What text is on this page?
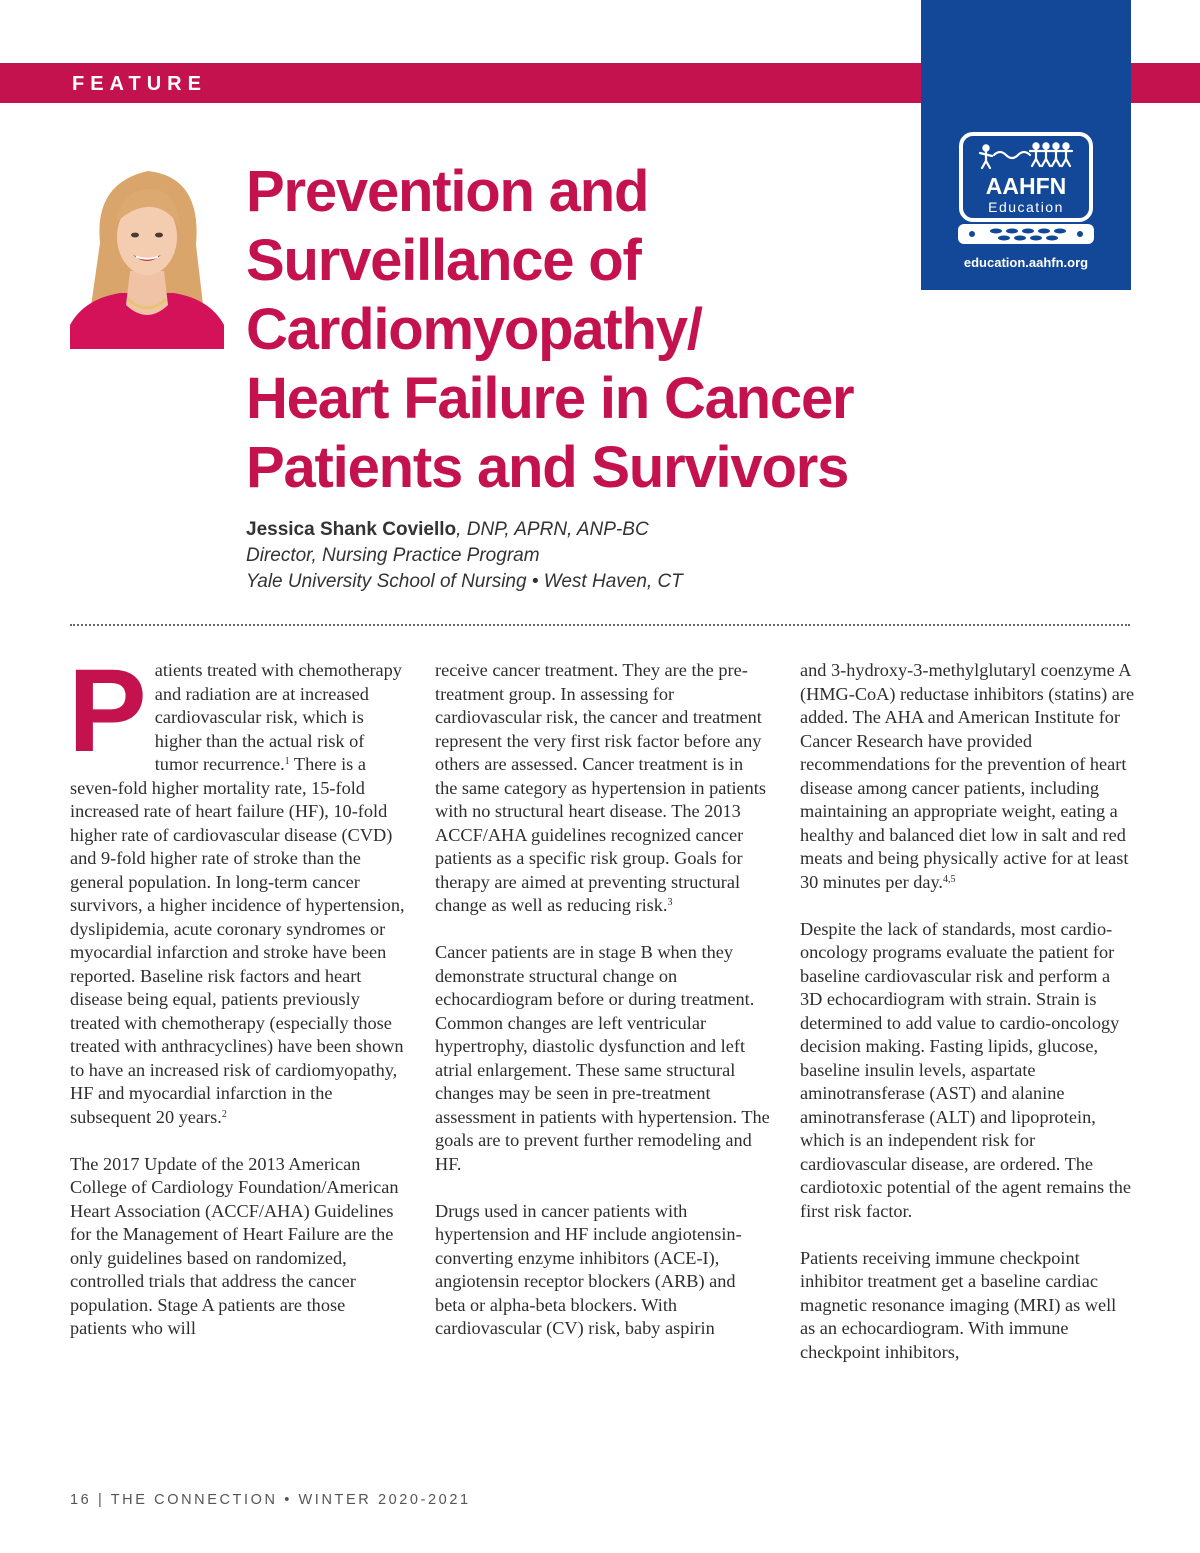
FEATURE
AAHFN
Education
education.aahfn.org
Prevention and
Surveillance of
Cardiomyopathy/
Heart Failure in Cancer
Patients and Survivors
Jessica Shank Coviello, DNP, APRN, ANP-BC
Director, Nursing Practice Program
Yale University School of Nursing • West Haven, CT

Patients treated with chemotherapy and radiation are at increased cardiovascular risk, which is higher than the actual risk of tumor recurrence.$^1$ There is a seven-fold higher mortality rate, 15-fold increased rate of heart failure (HF), 10-fold higher rate of cardiovascular disease (CVD) and 9-fold higher rate of stroke than the general population. In long-term cancer survivors, a higher incidence of hypertension, dyslipidemia, acute coronary syndromes or myocardial infarction and stroke have been reported. Baseline risk factors and heart disease being equal, patients previously treated with chemotherapy (especially those treated with anthracyclines) have been shown to have an increased risk of cardiomyopathy, HF and myocardial infarction in the subsequent 20 years.$^2$

The 2017 Update of the 2013 American College of Cardiology Foundation/American Heart Association (ACCF/AHA) Guidelines for the Management of Heart Failure are the only guidelines based on randomized, controlled trials that address the cancer population. Stage A patients are those patients who will

receive cancer treatment. They are the pre-treatment group. In assessing for cardiovascular risk, the cancer and treatment represent the very first risk factor before any others are assessed. Cancer treatment is in the same category as hypertension in patients with no structural heart disease. The 2013 ACCF/AHA guidelines recognized cancer patients as a specific risk group. Goals for therapy are aimed at preventing structural change as well as reducing risk.$^3$

Cancer patients are in stage B when they demonstrate structural change on echocardiogram before or during treatment. Common changes are left ventricular hypertrophy, diastolic dysfunction and left atrial enlargement. These same structural changes may be seen in pre-treatment assessment in patients with hypertension. The goals are to prevent further remodeling and HF.

Drugs used in cancer patients with hypertension and HF include angiotensin-converting enzyme inhibitors (ACE-I), angiotensin receptor blockers (ARB) and beta or alpha-beta blockers. With cardiovascular (CV) risk, baby aspirin

and 3-hydroxy-3-methylglutaryl coenzyme A (HMG-CoA) reductase inhibitors (statins) are added. The AHA and American Institute for Cancer Research have provided recommendations for the prevention of heart disease among cancer patients, including maintaining an appropriate weight, eating a healthy and balanced diet low in salt and red meats and being physically active for at least 30 minutes per day.$^{4,5}$

Despite the lack of standards, most cardio-oncology programs evaluate the patient for baseline cardiovascular risk and perform a 3D echocardiogram with strain. Strain is determined to add value to cardio-oncology decision making. Fasting lipids, glucose, baseline insulin levels, aspartate aminotransferase (AST) and alanine aminotransferase (ALT) and lipoprotein, which is an independent risk for cardiovascular disease, are ordered. The cardiotoxic potential of the agent remains the first risk factor.

Patients receiving immune checkpoint inhibitor treatment get a baseline cardiac magnetic resonance imaging (MRI) as well as an echocardiogram. With immune checkpoint inhibitors,

16 | THE CONNECTION • WINTER 2020-2021
